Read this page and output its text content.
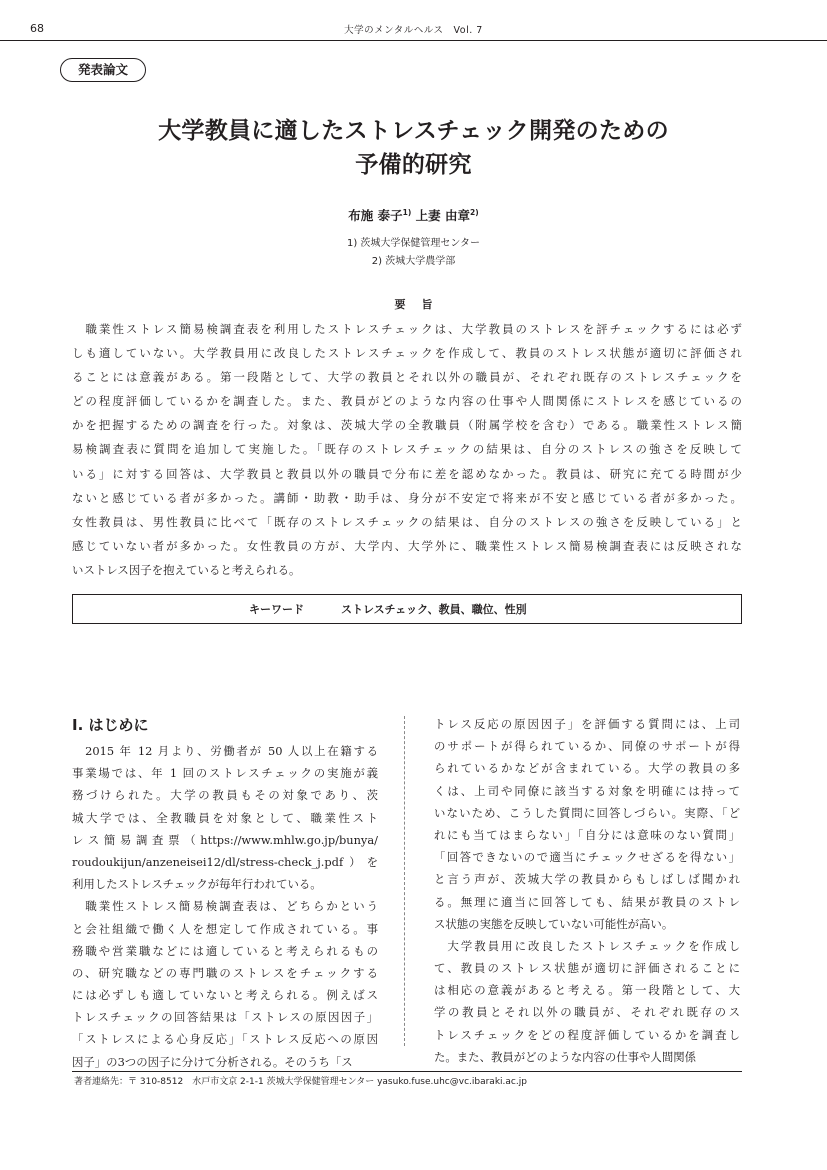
68	大学のメンタルヘルス　Vol. 7
発表論文
大学教員に適したストレスチェック開発のための
予備的研究
布施 泰子$^{1)}$ 上妻 由章$^{2)}$
1) 茨城大学保健管理センター
2) 茨城大学農学部
要旨
　職業性ストレス簡易検調査表を利用したストレスチェックは、大学教員のストレスを評チェックするには必ず
しも適していない。大学教員用に改良したストレスチェックを作成して、教員のストレス状態が適切に評価され
ることには意義がある。第一段階として、大学の教員とそれ以外の職員が、それぞれ既存のストレスチェックを
どの程度評価しているかを調査した。また、教員がどのような内容の仕事や人間関係にストレスを感じているの
かを把握するための調査を行った。対象は、茨城大学の全教職員（附属学校を含む）である。職業性ストレス簡
易検調査表に質問を追加して実施した。「既存のストレスチェックの結果は、自分のストレスの強さを反映して
いる」に対する回答は、大学教員と教員以外の職員で分布に差を認めなかった。教員は、研究に充てる時間が少
ないと感じている者が多かった。講師・助教・助手は、身分が不安定で将来が不安と感じている者が多かった。
女性教員は、男性教員に比べて「既存のストレスチェックの結果は、自分のストレスの強さを反映している」と
感じていない者が多かった。女性教員の方が、大学内、大学外に、職業性ストレス簡易検調査表には反映されな
いストレス因子を抱えていると考えられる。
キーワード	ストレスチェック、教員、職位、性別
I. はじめに
　2015 年 12 月より、労働者が 50 人以上在籍する
事業場では、年 1 回のストレスチェックの実施が義
務づけられた。大学の教員もその対象であり、茨
城大学では、全教職員を対象として、職業性スト
レス簡易調査票（https://www.mhlw.go.jp/bunya/
roudoukijun/anzeneisei12/dl/stress-check_j.pdf）を
利用したストレスチェックが毎年行われている。
　職業性ストレス簡易検調査表は、どちらかという
と会社組織で働く人を想定して作成されている。事
務職や営業職などには適していると考えられるもの
の、研究職などの専門職のストレスをチェックする
には必ずしも適していないと考えられる。例えばス
トレスチェックの回答結果は「ストレスの原因因子」
「ストレスによる心身反応」「ストレス反応への原因
因子」の3つの因子に分けて分析される。そのうち「ス
トレス反応の原因因子」を評価する質問には、上司
のサポートが得られているか、同僚のサポートが得
られているかなどが含まれている。大学の教員の多
くは、上司や同僚に該当する対象を明確には持って
いないため、こうした質問に回答しづらい。実際、「ど
れにも当てはまらない」「自分には意味のない質問」
「回答できないので適当にチェックせざるを得ない」
と言う声が、茨城大学の教員からもしばしば聞かれ
る。無理に適当に回答しても、結果が教員のストレ
ス状態の実態を反映していない可能性が高い。
　大学教員用に改良したストレスチェックを作成し
て、教員のストレス状態が適切に評価されることに
は相応の意義があると考える。第一段階として、大
学の教員とそれ以外の職員が、それぞれ既存のス
トレスチェックをどの程度評価しているかを調査し
た。また、教員がどのような内容の仕事や人間関係
著者連絡先：〒 310-8512　水戸市文京 2-1-1 茨城大学保健管理センター yasuko.fuse.uhc@vc.ibaraki.ac.jp
